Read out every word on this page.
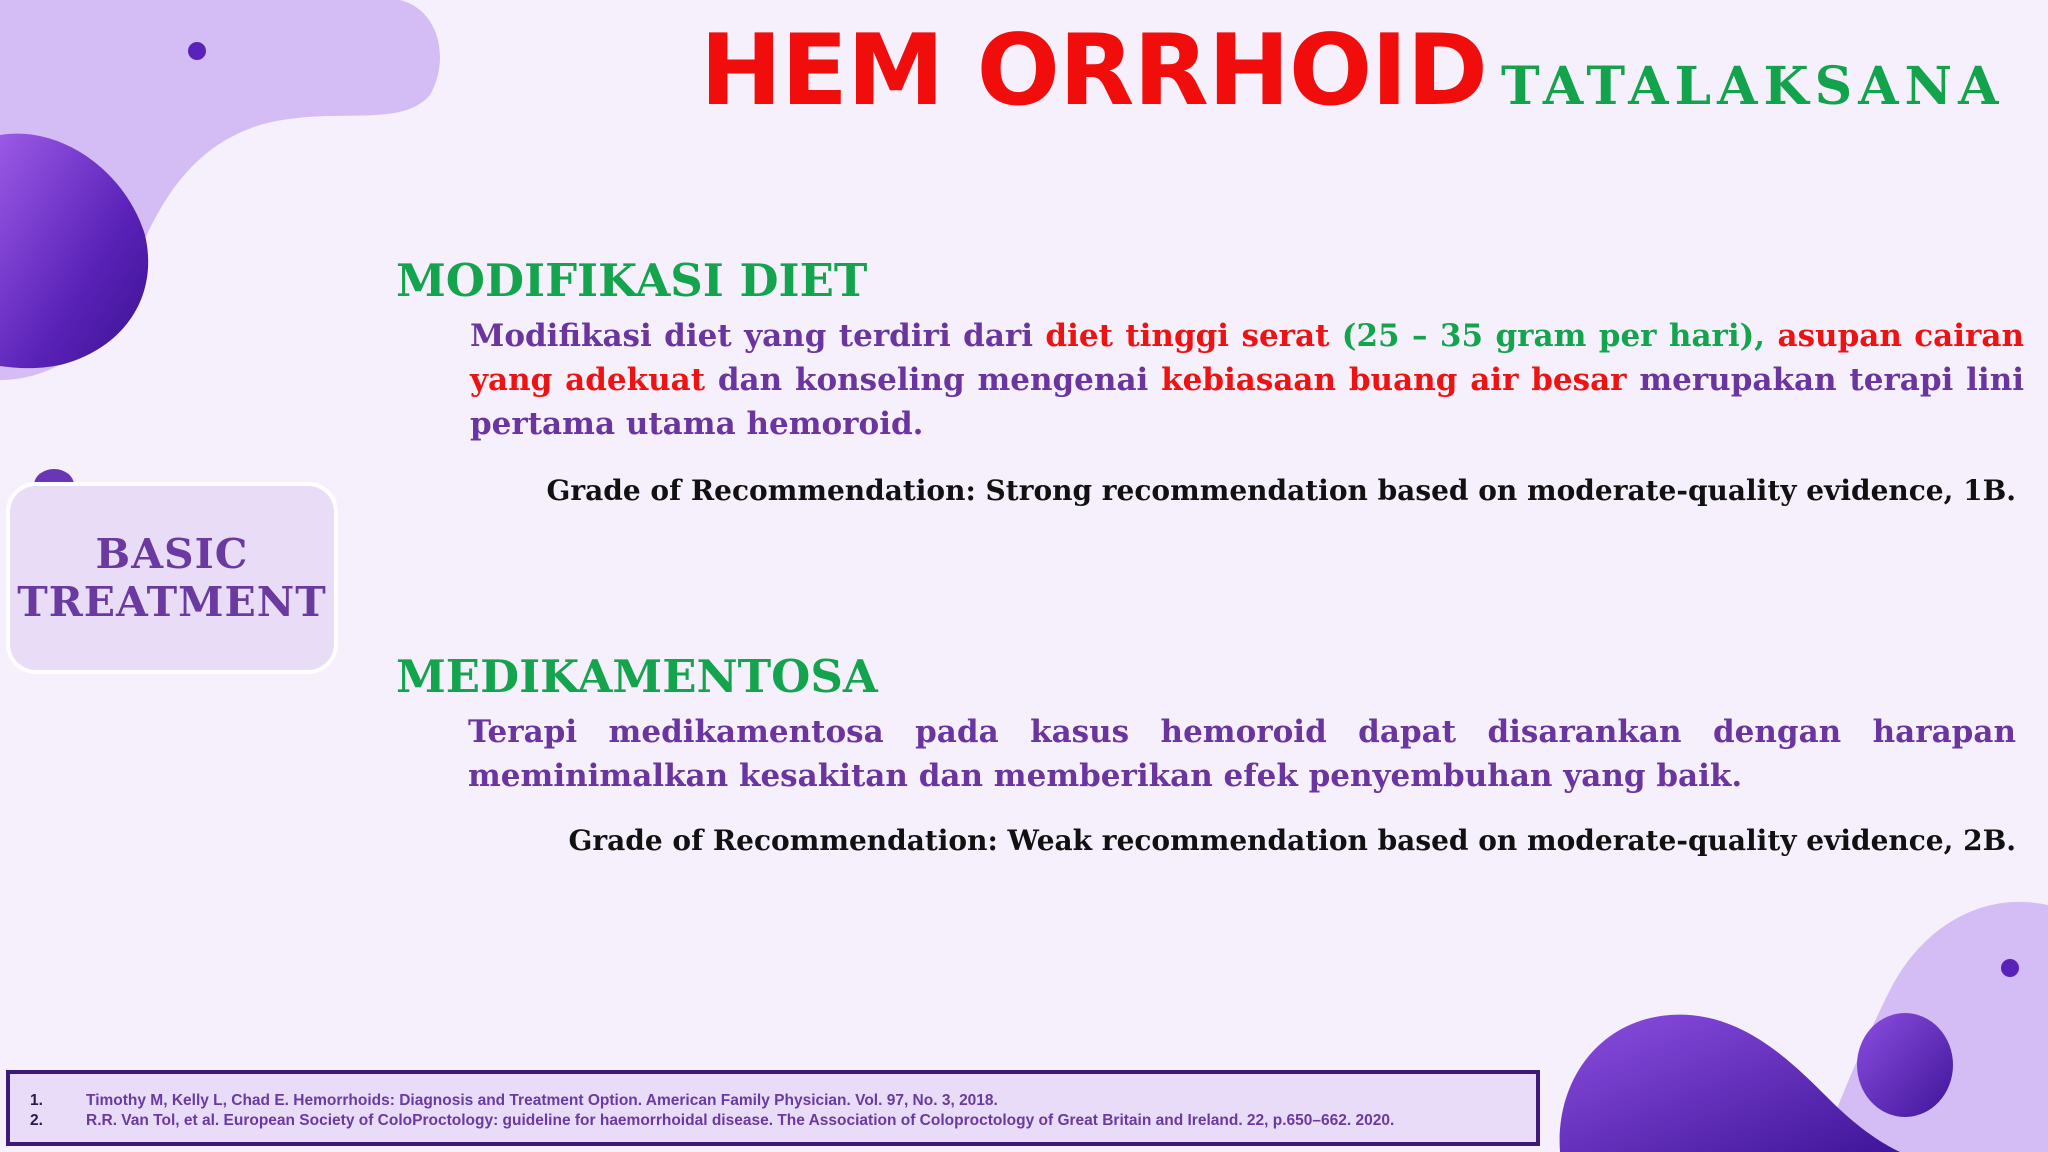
HEM ORRHOID TATALAKSANA
BASIC
TREATMENT
MODIFIKASI DIET
Modifikasi diet yang terdiri dari diet tinggi serat (25 – 35 gram per hari), asupan cairan yang adekuat dan konseling mengenai kebiasaan buang air besar merupakan terapi lini pertama utama hemoroid.
Grade of Recommendation: Strong recommendation based on moderate-quality evidence, 1B.
MEDIKAMENTOSA
Terapi medikamentosa pada kasus hemoroid dapat disarankan dengan harapan meminimalkan kesakitan dan memberikan efek penyembuhan yang baik.
Grade of Recommendation: Weak recommendation based on moderate-quality evidence, 2B.
1.	Timothy M, Kelly L, Chad E. Hemorrhoids: Diagnosis and Treatment Option. American Family Physician. Vol. 97, No. 3, 2018.
2.	R.R. Van Tol, et al. European Society of ColoProctology: guideline for haemorrhoidal disease. The Association of Coloproctology of Great Britain and Ireland. 22, p.650–662. 2020.
